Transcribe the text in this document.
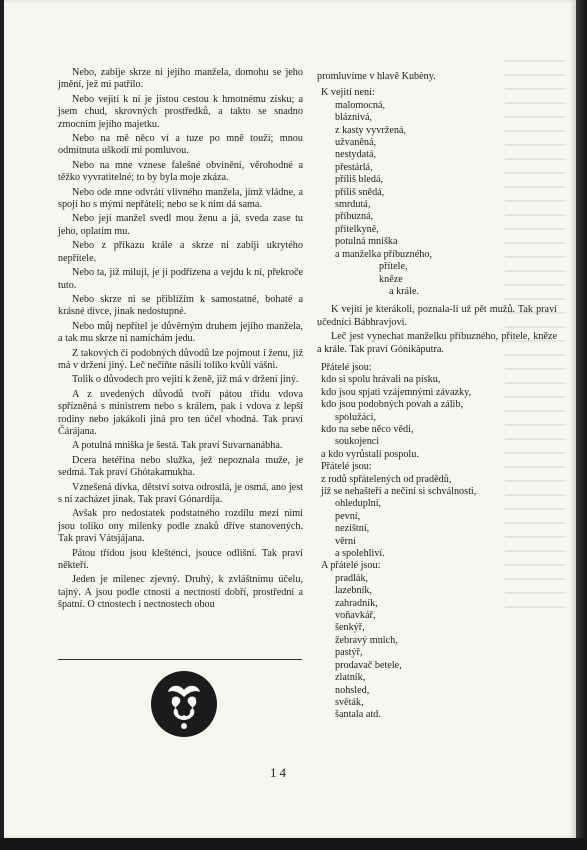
Nebo, zabije skrze ni jejího manžela, domohu se jeho jmění, jež mi patřilo.

Nebo vejití k ní je jistou cestou k hmotnému zisku; a jsem chud, skrovných prostředků, a takto se snadno zmocním jejího majetku.

Nebo na mě něco ví a tuze po mně touží; mnou odmítnuta uškodí mi pomluvou.

Nebo na mne vznese falešné obvinění, věrohodné a těžko vyvratitelné; to by byla moje zkáza.

Nebo ode mne odvrátí vlivného manžela, jímž vládne, a spojí ho s mými nepřáteli; nebo se k nim dá sama.

Nebo její manžel svedl mou ženu a já, sveda zase tu jeho, oplatím mu.

Nebo z příkazu krále a skrze ni zabiji ukrytého nepřítele.

Nebo ta, již miluji, je jí podřízena a vejdu k ní, překroče tuto.

Nebo skrze ni se přiblížím k samostatné, bohaté a krásné dívce, jinak nedostupné.

Nebo můj nepřítel je důvěrným druhem jejího manžela, a tak mu skrze ni namíchám jedu.

Z takových či podobných důvodů lze pojmout i ženu, již má v držení jiný. Leč nečiňte násilí toliko kvůli vášni.

Tolik o důvodech pro vejití k ženě, již má v držení jiný.

A z uvedených důvodů tvoří pátou třídu vdova spřízněná s ministrem nebo s králem, pak i vdova z lepší rodiny nebo jakákoli jiná pro ten účel vhodná. Tak praví Čárájana.

A potulná mniška je šestá. Tak praví Suvarnanábha.

Dcera hetéřina nebo služka, jež nepoznala muže, je sedmá. Tak praví Ghótakamukha.

Vznešená dívka, dětství sotva odrostlá, je osmá, ano jest s ní zacházet jinak. Tak praví Gónardíja.

Avšak pro nedostatek podstatného rozdílu mezi nimi jsou toliko ony milenky podle znaků dříve stanovených. Tak praví Vátsjájana.

Pátou třídou jsou klešténci, jsouce odlišní. Tak praví někteří.

Jeden je milenec zjevný. Druhý, k zvláštnímu účelu, tajný. A jsou podle ctností a nectností dobří, prostřední a špatní. O ctnostech i nectnostech obou

promluvíme v hlavě Kubèny.
K vejití není:
malomocná,
bláznivá,
z kasty vyvržená,
užvaněná,
nestydatá,
přestárlá,
příliš bledá,
příliš snědá,
smrdutá,
příbuzná,
přítelkyně,
potulná mniška
a manželka příbuzného,
přítele,
kněze
a krále.

K vejití je kterákoli, poznala-li už pět mužů. Tak praví učedníci Bábhravjovi.

Leč jest vynechat manželku příbuzného, přítele, kněze a krále. Tak praví Gónikáputra.

Přátelé jsou:
kdo si spolu hrávali na písku,
kdo jsou spjati vzájemnými závazky,
kdo jsou podobných povah a zálib,
spolužáci,
kdo na sebe něco vědí,
soukojenci
a kdo vyrůstali pospolu.
Přátelé jsou:
z rodů spřátelených od pradědů,
již se nehašteří a nečiní si schválnosti,
ohleduplní,
pevní,
nezištní,
věrní
a spolehliví.
A přátelé jsou:
pradlák,
lazebník,
zahradník,
voňavkář,
šenkýř,
žebravý mnich,
pastýř,
prodavač betele,
zlatník,
nohsled,
světák,
šantala atd.
14
